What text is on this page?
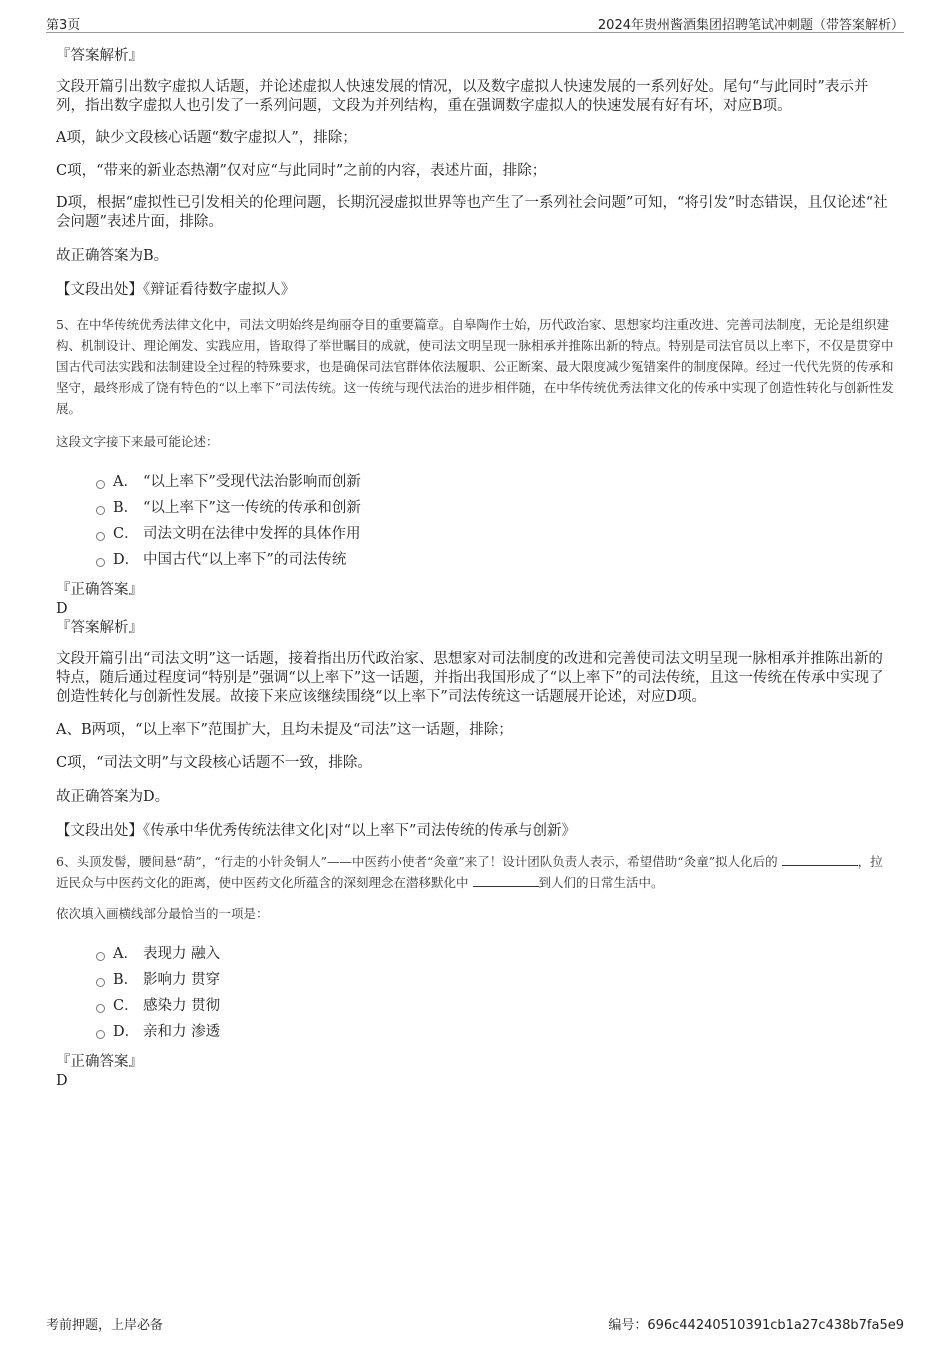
第3页	2024年贵州酱酒集团招聘笔试冲刺题（带答案解析）

『答案解析』

文段开篇引出数字虚拟人话题，并论述虚拟人快速发展的情况，以及数字虚拟人快速发展的一系列好处。尾句“与此同时”表示并列，指出数字虚拟人也引发了一系列问题，文段为并列结构，重在强调数字虚拟人的快速发展有好有坏，对应B项。

A项，缺少文段核心话题“数字虚拟人”，排除；

C项，“带来的新业态热潮”仅对应“与此同时”之前的内容，表述片面，排除；

D项，根据“虚拟性已引发相关的伦理问题，长期沉浸虚拟世界等也产生了一系列社会问题”可知，“将引发”时态错误，且仅论述“社会问题”表述片面，排除。

故正确答案为B。

【文段出处】《辩证看待数字虚拟人》

5、在中华传统优秀法律文化中，司法文明始终是绚丽夺目的重要篇章。自皋陶作士始，历代政治家、思想家均注重改进、完善司法制度，无论是组织建构、机制设计、理论阐发、实践应用，皆取得了举世瞩目的成就，使司法文明呈现一脉相承并推陈出新的特点。特别是司法官员以上率下，不仅是贯穿中国古代司法实践和法制建设全过程的特殊要求，也是确保司法官群体依法履职、公正断案、最大限度减少冤错案件的制度保障。经过一代代先贤的传承和坚守，最终形成了饶有特色的“以上率下”司法传统。这一传统与现代法治的进步相伴随，在中华传统优秀法律文化的传承中实现了创造性转化与创新性发展。

这段文字接下来最可能论述：

A． “以上率下”受现代法治影响而创新
B． “以上率下”这一传统的传承和创新
C． 司法文明在法律中发挥的具体作用
D． 中国古代“以上率下”的司法传统

『正确答案』

D

『答案解析』

文段开篇引出“司法文明”这一话题，接着指出历代政治家、思想家对司法制度的改进和完善使司法文明呈现一脉相承并推陈出新的特点，随后通过程度词“特别是”强调“以上率下”这一话题，并指出我国形成了“以上率下”的司法传统，且这一传统在传承中实现了创造性转化与创新性发展。故接下来应该继续围绕“以上率下”司法传统这一话题展开论述，对应D项。

A、B两项，“以上率下”范围扩大，且均未提及“司法”这一话题，排除；

C项，“司法文明”与文段核心话题不一致，排除。

故正确答案为D。

【文段出处】《传承中华优秀传统法律文化|对“以上率下”司法传统的传承与创新》

6、头顶发髻，腰间悬“葫”，“行走的小针灸铜人”——中医药小使者“灸童”来了！设计团队负责人表示，希望借助“灸童”拟人化后的	，拉近民众与中医药文化的距离，使中医药文化所蕴含的深刻理念在潜移默化中	到人们的日常生活中。

依次填入画横线部分最恰当的一项是：

A． 表现力 融入
B． 影响力 贯穿
C． 感染力 贯彻
D． 亲和力 渗透

『正确答案』

D

考前押题，上岸必备	编号：696c44240510391cb1a27c438b7fa5e9
